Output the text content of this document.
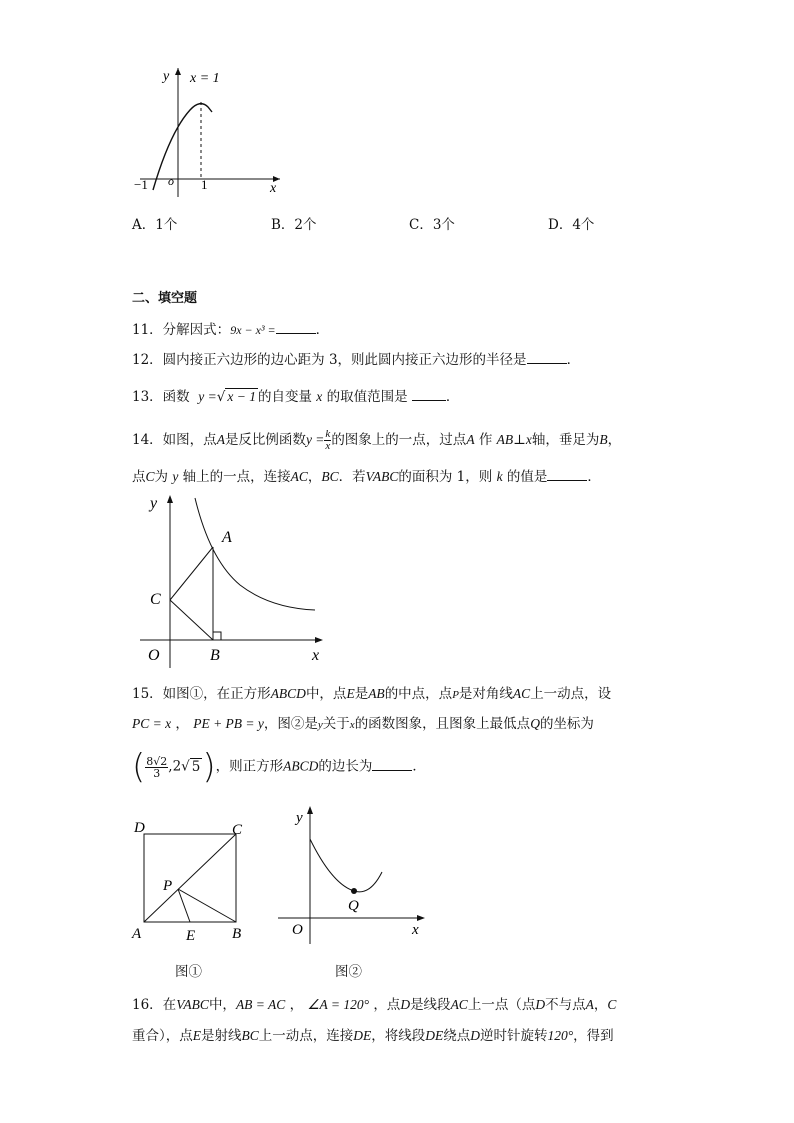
y x = 1
o
−1	1	x
A．1个	B．2个	C．3个	D．4个
二、填空题
11．分解因式：9x − x³ =	．
12．圆内接正六边形的边心距为 3，则此圆内接正六边形的半径是	．
13．函数 y =√ x − 1 的自变量 x 的取值范围是	．
14．如图，点A是反比例函数$y = \frac{k}{x}$ 的图象上的一点，过点A 作 AB⊥x轴，垂足为B，
点C为 y 轴上的一点，连接AC，BC．若VABC的面积为 1，则 k 的值是	．
y
A
C
O	B	x
15．如图①，在正方形ABCD中，点E是AB的中点，点P是对角线AC上一动点，设
PC = x ， PE + PB = y，图②是y关于x的函数图象，且图象上最低点Q的坐标为
( $\frac{8√2}{3} ,2√$ 5)，则正方形ABCD的边长为	．
D	C
P
A	E B
图①
y
Q
O	x
图②
16．在VABC中，AB = AC ， ∠A = 120° ，点D是线段AC上一点（点D不与点A，C
重合），点E是射线BC上一动点，连接DE，将线段DE绕点D逆时针旋转120°，得到
